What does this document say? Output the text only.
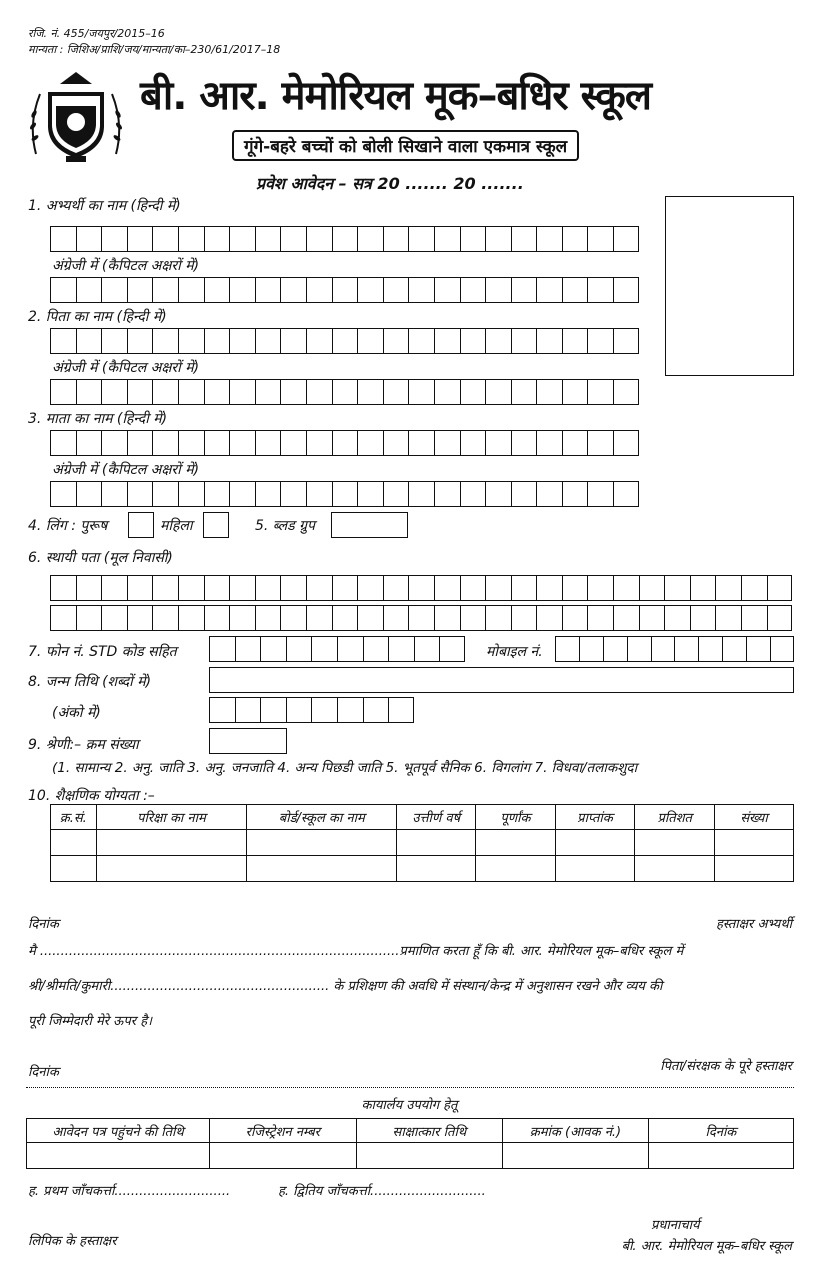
रजि. नं. 455/जयपुर/2015–16
मान्यता : जिशिअ/प्राशि/जय/मान्यता/का–230/61/2017–18
बी. आर. मेमोरियल मूक–बधिर स्कूल
गूंगे-बहरे बच्चों को बोली सिखाने वाला एकमात्र स्कूल
प्रवेश आवेदन – सत्र 20 ....... 20 .......
1. अभ्यर्थी का नाम (हिन्दी में)
अंग्रेजी में (कैपिटल अक्षरों में)
2. पिता का नाम (हिन्दी में)
अंग्रेजी में (कैपिटल अक्षरों में)
3. माता का नाम (हिन्दी में)
अंग्रेजी में (कैपिटल अक्षरों में)
4. लिंग : पुरूष	महिला	5. ब्लड ग्रुप
6. स्थायी पता (मूल निवासी)
7. फोन नं. STD कोड सहित	मोबाइल नं.
8. जन्म तिथि (शब्दों में)
(अंको में)
9. श्रेणी:– क्रम संख्या
(1. सामान्य 2. अनु. जाति 3. अनु. जनजाति 4. अन्य पिछडी जाति 5. भूतपूर्व सैनिक 6. विगलांग 7. विधवा/तलाकशुदा
10. शैक्षणिक योग्यता :–
क्र.सं.	परिक्षा का नाम	बोर्ड/स्कूल का नाम	उत्तीर्ण वर्ष	पूर्णांक	प्राप्तांक	प्रतिशत	संख्या

दिनांक	हस्ताक्षर अभ्यर्थी
मै .......................................................................................प्रमाणित करता हूँ कि बी. आर. मेमोरियल मूक–बधिर स्कूल में
श्री/श्रीमति/कुमारी..................................................... के प्रशिक्षण की अवधि में संस्थान/केन्द्र में अनुशासन रखने और व्यय की
पूरी जिम्मेदारी मेरे ऊपर है।
दिनांक	पिता/संरक्षक के पूरे हस्ताक्षर
कायार्लय उपयोग हेतू
आवेदन पत्र पहुंचने की तिथि	रजिस्ट्रेशन नम्बर	साक्षात्कार तिथि	क्रमांक (आवक नं.)	दिनांक

ह. प्रथम जाँचकर्त्ता............................	ह. द्वितिय जाँचकर्त्ता............................
लिपिक के हस्ताक्षर
प्रधानाचार्य
बी. आर. मेमोरियल मूक–बधिर स्कूल
